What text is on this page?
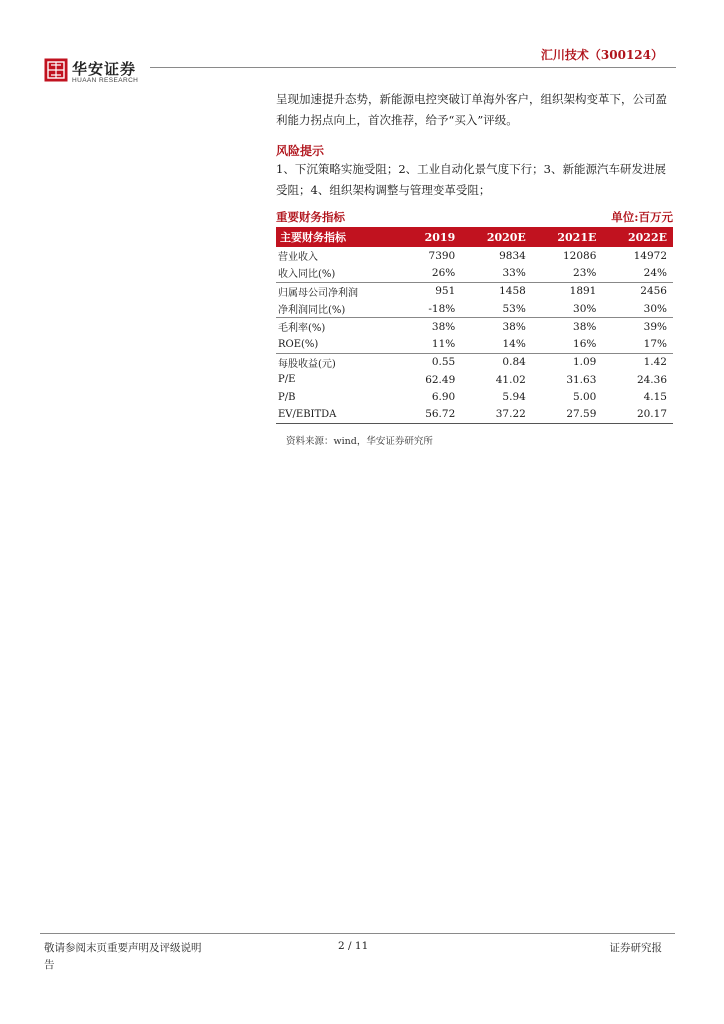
华安证券
HUAAN RESEARCH
汇川技术（300124）
呈现加速提升态势，新能源电控突破订单海外客户，组织架构变革下，公司盈利能力拐点向上，首次推荐，给予“买入”评级。
风险提示
1、下沉策略实施受阻；2、工业自动化景气度下行；3、新能源汽车研发进展受阻；4、组织架构调整与管理变革受阻；
重要财务指标	单位:百万元
主要财务指标	2019	2020E	2021E	2022E
营业收入	7390	9834	12086	14972
收入同比(%)	26%	33%	23%	24%
归属母公司净利润	951	1458	1891	2456
净利润同比(%)	-18%	53%	30%	30%
毛利率(%)	38%	38%	38%	39%
ROE(%)	11%	14%	16%	17%
每股收益(元)	0.55	0.84	1.09	1.42
P/E	62.49	41.02	31.63	24.36
P/B	6.90	5.94	5.00	4.15
EV/EBITDA	56.72	37.22	27.59	20.17
资料来源：wind，华安证券研究所
敬请参阅末页重要声明及评级说明
告
2 / 11	证券研究报
